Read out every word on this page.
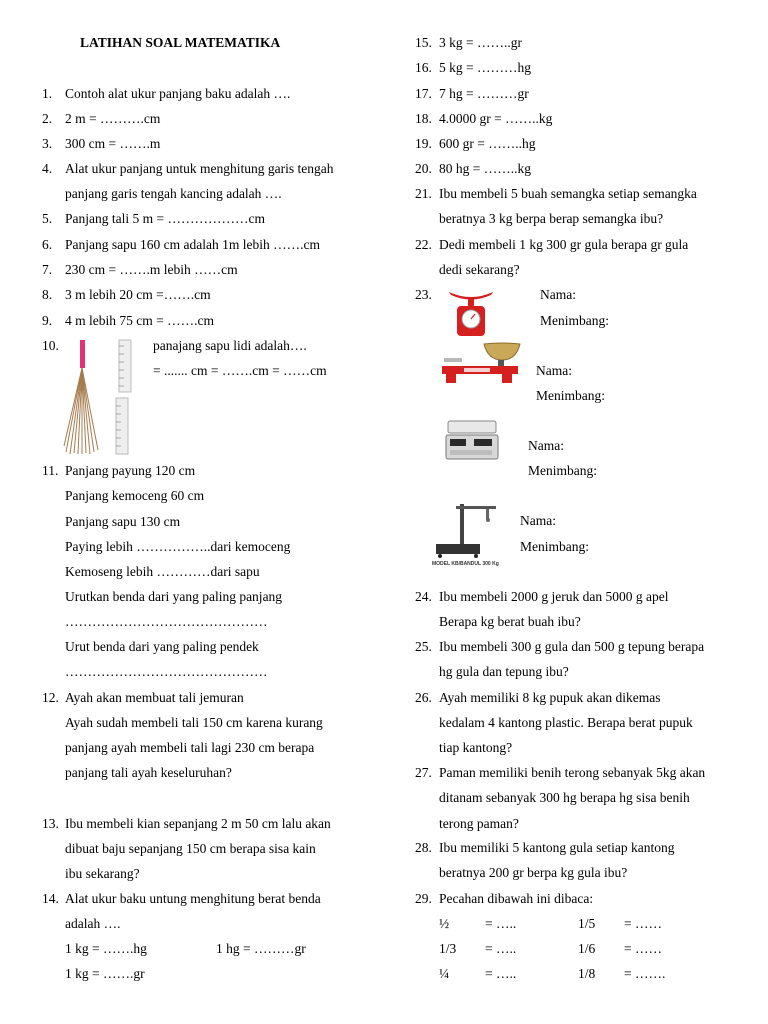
LATIHAN SOAL MATEMATIKA
1. Contoh alat ukur panjang baku adalah ….
2. 2 m = ……….cm
3. 300 cm = …….m
4. Alat ukur panjang untuk menghitung garis tengah
panjang garis tengah kancing adalah ….
5. Panjang tali 5 m = ………………cm
6. Panjang sapu 160 cm adalah 1m lebih …….cm
7. 230 cm = …….m lebih ……cm
8. 3 m lebih 20 cm =…….cm
9. 4 m lebih 75 cm = …….cm
10.	panajang sapu lidi adalah….
= ....... cm = …….cm = ……cm
11. Panjang payung 120 cm
Panjang kemoceng 60 cm
Panjang sapu 130 cm
Paying lebih ……………..dari kemoceng
Kemoseng lebih …………dari sapu
Urutkan benda dari yang paling panjang
………………………………………
Urut benda dari yang paling pendek
………………………………………
12. Ayah akan membuat tali jemuran
Ayah sudah membeli tali 150 cm karena kurang
panjang ayah membeli tali lagi 230 cm berapa
panjang tali ayah keseluruhan?
13. Ibu membeli kian sepanjang 2 m 50 cm lalu akan
dibuat baju sepanjang 150 cm berapa sisa kain
ibu sekarang?
14. Alat ukur baku untung menghitung berat benda
adalah ….
1 kg = …….hg	1 hg = ………gr
1 kg = …….gr
15. 3 kg = ……..gr
16. 5 kg = ………hg
17. 7 hg = ………gr
18. 4.0000 gr = ……..kg
19. 600 gr = ……..hg
20. 80 hg = ……..kg
21. Ibu membeli 5 buah semangka setiap semangka
beratnya 3 kg berpa berap semangka ibu?
22. Dedi membeli 1 kg 300 gr gula berapa gr gula
dedi sekarang?
23.	Nama:
Menimbang:
Nama:
Menimbang:
Nama:
Menimbang:
MODEL KB/BANDUL 300 Kg
Nama:
Menimbang:
24. Ibu membeli 2000 g jeruk dan 5000 g apel
Berapa kg berat buah ibu?
25. Ibu membeli 300 g gula dan 500 g tepung berapa
hg gula dan tepung ibu?
26. Ayah memiliki 8 kg pupuk akan dikemas
kedalam 4 kantong plastic. Berapa berat pupuk
tiap kantong?
27. Paman memiliki benih terong sebanyak 5kg akan
ditanam sebanyak 300 hg berapa hg sisa benih
terong paman?
28. Ibu memiliki 5 kantong gula setiap kantong
beratnya 200 gr berpa kg gula ibu?
29. Pecahan dibawah ini dibaca:
½	= …..	1/5 = ……
1/3 = …..	1/6 = ……
¼	= …..	1/8 = …….
